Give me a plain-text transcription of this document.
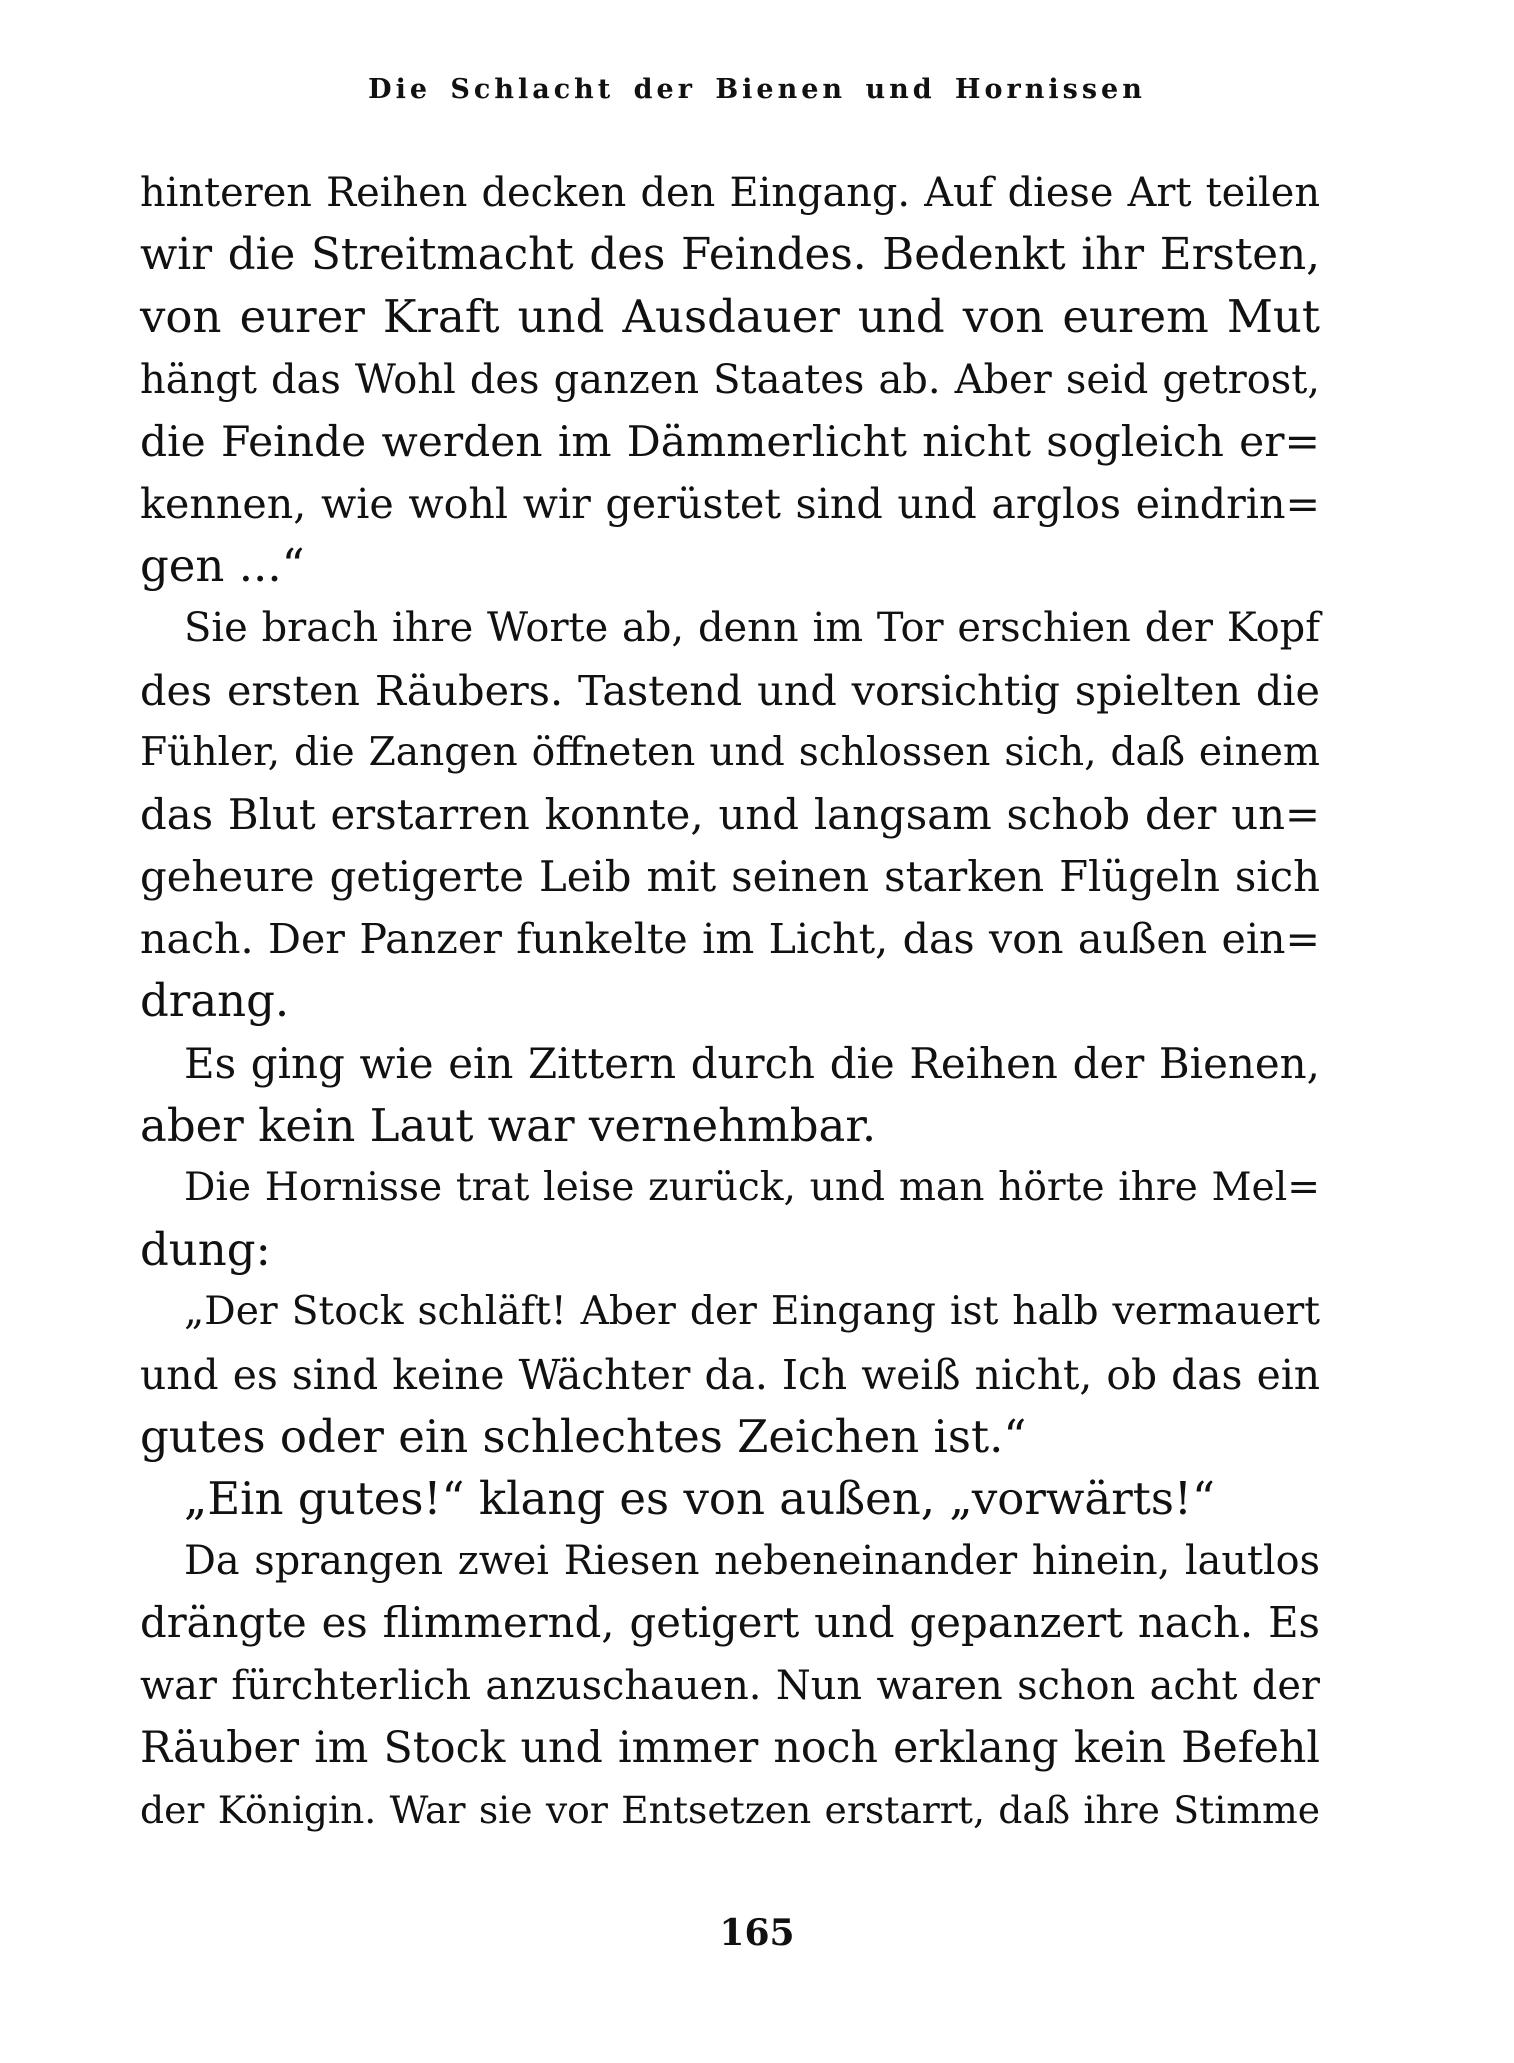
Die Schlacht der Bienen und Hornissen
hinteren Reihen decken den Eingang. Auf diese Art teilen
wir die Streitmacht des Feindes. Bedenkt ihr Ersten,
von eurer Kraft und Ausdauer und von eurem Mut
hängt das Wohl des ganzen Staates ab. Aber seid getrost,
die Feinde werden im Dämmerlicht nicht sogleich er=
kennen, wie wohl wir gerüstet sind und arglos eindrin=
gen ...“
Sie brach ihre Worte ab, denn im Tor erschien der Kopf
des ersten Räubers. Tastend und vorsichtig spielten die
Fühler, die Zangen öffneten und schlossen sich, daß einem
das Blut erstarren konnte, und langsam schob der un=
geheure getigerte Leib mit seinen starken Flügeln sich
nach. Der Panzer funkelte im Licht, das von außen ein=
drang.
Es ging wie ein Zittern durch die Reihen der Bienen,
aber kein Laut war vernehmbar.
Die Hornisse trat leise zurück, und man hörte ihre Mel=
dung:
„Der Stock schläft! Aber der Eingang ist halb vermauert
und es sind keine Wächter da. Ich weiß nicht, ob das ein
gutes oder ein schlechtes Zeichen ist.“
„Ein gutes!“ klang es von außen, „vorwärts!“
Da sprangen zwei Riesen nebeneinander hinein, lautlos
drängte es flimmernd, getigert und gepanzert nach. Es
war fürchterlich anzuschauen. Nun waren schon acht der
Räuber im Stock und immer noch erklang kein Befehl
der Königin. War sie vor Entsetzen erstarrt, daß ihre Stimme
165
